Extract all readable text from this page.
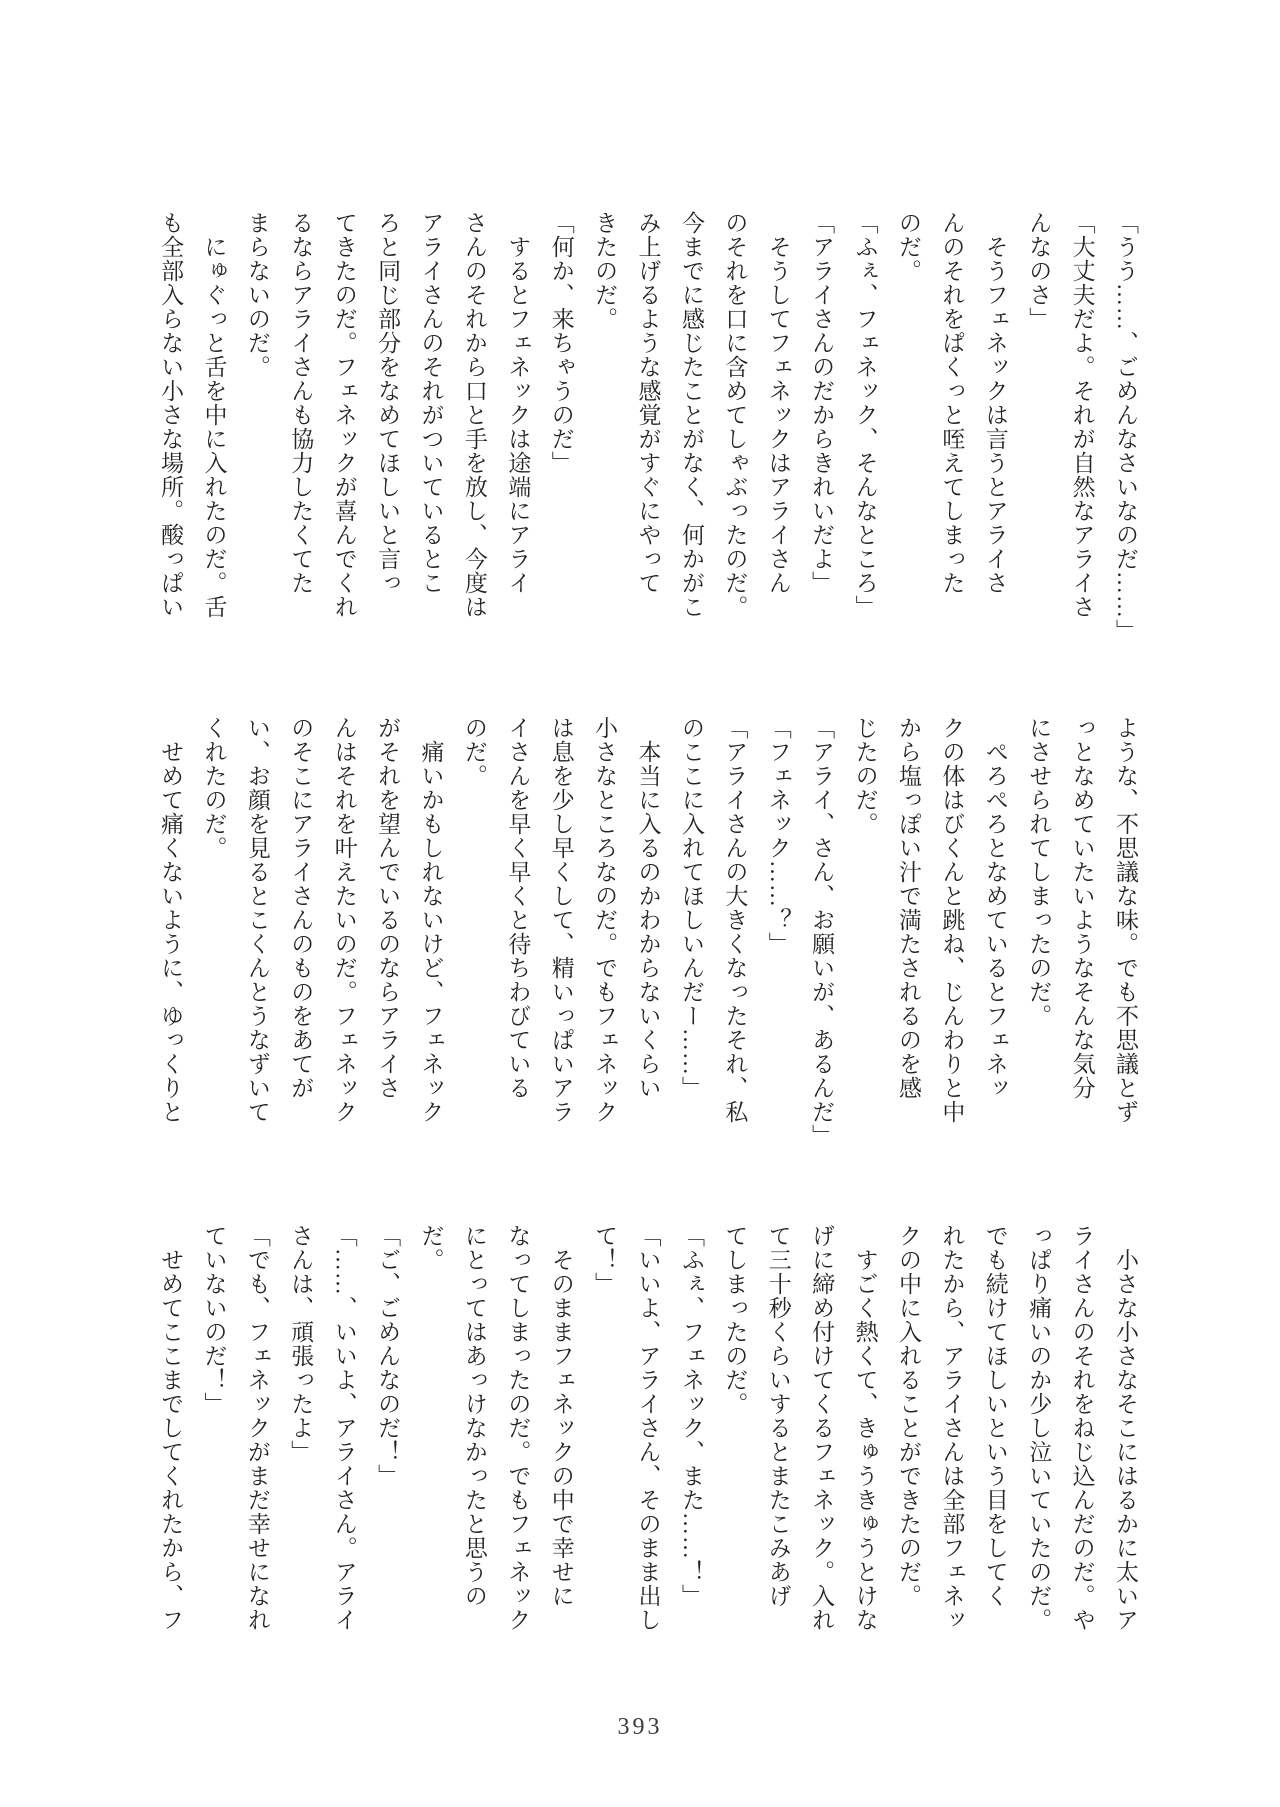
「うう……、ごめんなさいなのだ……」
「大丈夫だよ。それが自然なアライさ
んなのさ」
　そうフェネックは言うとアライさ
んのそれをぱくっと咥えてしまった
のだ。
「ふぇ、フェネック、そんなところ」
「アライさんのだからきれいだよ」
　そうしてフェネックはアライさん
のそれを口に含めてしゃぶったのだ。
今までに感じたことがなく、何かがこ
み上げるような感覚がすぐにやって
きたのだ。
「何か、来ちゃうのだ」
　するとフェネックは途端にアライ
さんのそれから口と手を放し、今度は
アライさんのそれがついているとこ
ろと同じ部分をなめてほしいと言っ
てきたのだ。フェネックが喜んでくれ
るならアライさんも協力したくてた
まらないのだ。
　にゅぐっと舌を中に入れたのだ。舌
も全部入らない小さな場所。酸っぱい
ような、不思議な味。でも不思議とず
っとなめていたいようなそんな気分
にさせられてしまったのだ。
　ぺろぺろとなめているとフェネッ
クの体はびくんと跳ね、じんわりと中
から塩っぽい汁で満たされるのを感
じたのだ。
「アライ、さん、お願いが、あるんだ」
「フェネック……？」
「アライさんの大きくなったそれ、私
のここに入れてほしいんだー……」
　本当に入るのかわからないくらい
小さなところなのだ。でもフェネック
は息を少し早くして、精いっぱいアラ
イさんを早く早くと待ちわびている
のだ。
　痛いかもしれないけど、フェネック
がそれを望んでいるのならアライさ
んはそれを叶えたいのだ。フェネック
のそこにアライさんのものをあてが
い、お顔を見るとこくんとうなずいて
くれたのだ。
　せめて痛くないように、ゆっくりと
　小さな小さなそこにはるかに太いア
ライさんのそれをねじ込んだのだ。や
っぱり痛いのか少し泣いていたのだ。
でも続けてほしいという目をしてく
れたから、アライさんは全部フェネッ
クの中に入れることができたのだ。
　すごく熱くて、きゅうきゅうとけな
げに締め付けてくるフェネック。入れ
て三十秒くらいするとまたこみあげ
てしまったのだ。
「ふぇ、フェネック、また……！」
「いいよ、アライさん、そのまま出し
て！」
　そのままフェネックの中で幸せに
なってしまったのだ。でもフェネック
にとってはあっけなかったと思うの
だ。
「ご、ごめんなのだ！」
「……、いいよ、アライさん。アライ
さんは、頑張ったよ」
「でも、フェネックがまだ幸せになれ
ていないのだ！」
　せめてここまでしてくれたから、フ
393
